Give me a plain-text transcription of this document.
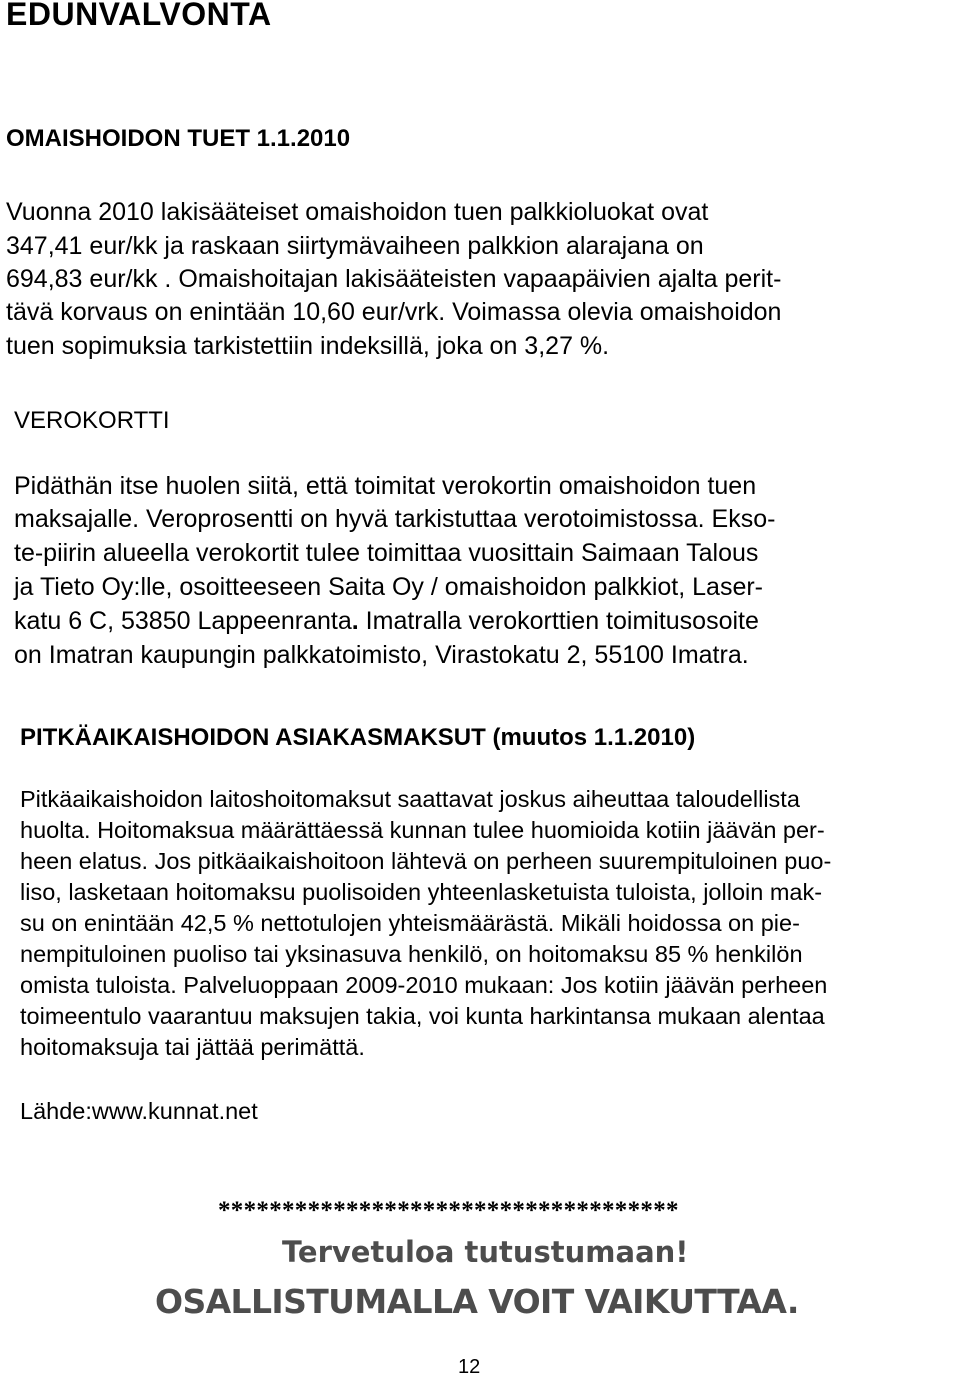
EDUNVALVONTA
OMAISHOIDON TUET 1.1.2010
Vuonna 2010 lakisääteiset omaishoidon tuen palkkioluokat ovat
347,41 eur/kk ja raskaan siirtymävaiheen palkkion alarajana on
694,83 eur/kk . Omaishoitajan lakisääteisten vapaapäivien ajalta perit-
tävä korvaus on enintään 10,60 eur/vrk. Voimassa olevia omaishoidon
tuen sopimuksia tarkistettiin indeksillä, joka on 3,27 %.
VEROKORTTI
Pidäthän itse huolen siitä, että toimitat verokortin omaishoidon tuen
maksajalle. Veroprosentti on hyvä tarkistuttaa verotoimistossa. Ekso-
te-piirin alueella verokortit tulee toimittaa vuosittain Saimaan Talous
ja Tieto Oy:lle, osoitteeseen Saita Oy / omaishoidon palkkiot, Laser-
katu 6 C, 53850 Lappeenranta. Imatralla verokorttien toimitusosoite
on Imatran kaupungin palkkatoimisto, Virastokatu 2, 55100 Imatra.
PITKÄAIKAISHOIDON ASIAKASMAKSUT (muutos 1.1.2010)
Pitkäaikaishoidon laitoshoitomaksut saattavat joskus aiheuttaa taloudellista
huolta. Hoitomaksua määrättäessä kunnan tulee huomioida kotiin jäävän per-
heen elatus. Jos pitkäaikaishoitoon lähtevä on perheen suurempituloinen puo-
liso, lasketaan hoitomaksu puolisoiden yhteenlasketuista tuloista, jolloin mak-
su on enintään 42,5 % nettotulojen yhteismäärästä. Mikäli hoidossa on pie-
nempituloinen puoliso tai yksinasuva henkilö, on hoitomaksu 85 % henkilön
omista tuloista. Palveluoppaan 2009-2010 mukaan: Jos kotiin jäävän perheen
toimeentulo vaarantuu maksujen takia, voi kunta harkintansa mukaan alentaa
hoitomaksuja tai jättää perimättä.
Lähde:www.kunnat.net
************************************
Tervetuloa tutustumaan!
OSALLISTUMALLA VOIT VAIKUTTAA.
12
